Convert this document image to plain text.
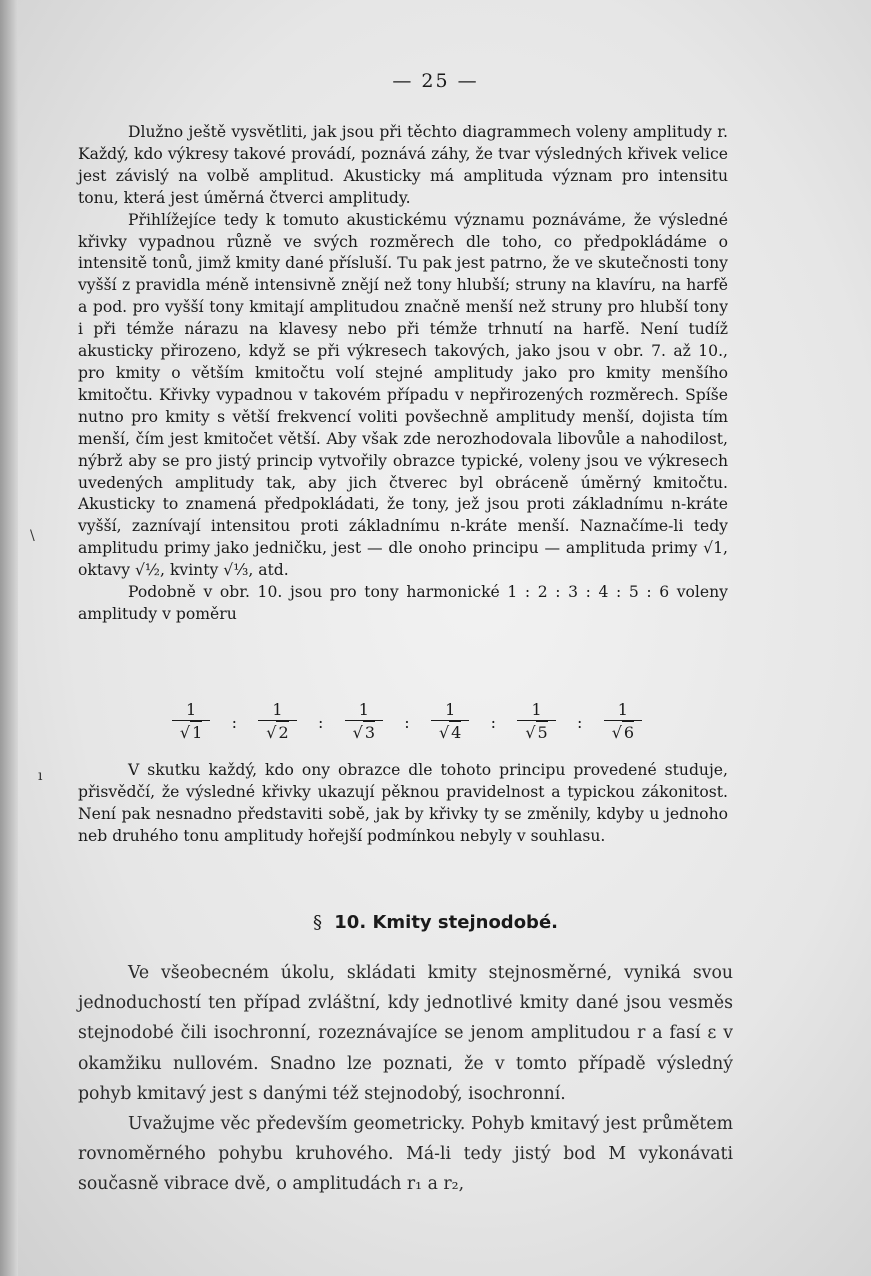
— 25 —

Dlužno ještě vysvětliti, jak jsou při těchto diagrammech voleny amplitudy r. Každý, kdo výkresy takové provádí, poznává záhy, že tvar výsledných křivek velice jest závislý na volbě amplitud. Akusticky má amplituda význam pro intensitu tonu, která jest úměrná čtverci amplitudy.

Přihlížejíce tedy k tomuto akustickému významu poznáváme, že výsledné křivky vypadnou různě ve svých rozměrech dle toho, co předpokládáme o intensitě tonů, jimž kmity dané přísluší. Tu pak jest patrno, že ve skutečnosti tony vyšší z pravidla méně intensivně znějí než tony hlubší; struny na klavíru, na harfě a pod. pro vyšší tony kmitají amplitudou značně menší než struny pro hlubší tony i při témže nárazu na klavesy nebo při témže trhnutí na harfě. Není tudíž akusticky přirozeno, když se při výkresech takových, jako jsou v obr. 7. až 10., pro kmity o větším kmitočtu volí stejné amplitudy jako pro kmity menšího kmitočtu. Křivky vypadnou v takovém případu v nepřirozených rozměrech. Spíše nutno pro kmity s větší frekvencí voliti povšechně amplitudy menší, dojista tím menší, čím jest kmitočet větší. Aby však zde nerozhodovala libovůle a nahodilost, nýbrž aby se pro jistý princip vytvořily obrazce typické, voleny jsou ve výkresech uvedených amplitudy tak, aby jich čtverec byl obráceně úměrný kmitočtu. Akusticky to znamená předpokládati, že tony, jež jsou proti základnímu n-kráte vyšší, zaznívají intensitou proti základnímu n-kráte menší. Naznačíme-li tedy amplitudu primy jako jedničku, jest — dle onoho principu — amplituda primy √1, oktavy √½, kvinty √⅓, atd.

Podobně v obr. 10. jsou pro tony harmonické 1 : 2 : 3 : 4 : 5 : 6 voleny amplitudy v poměru

$\frac{1}{√ 1}$ : $\frac{1}{√ 2}$ : $\frac{1}{√ 3}$ : $\frac{1}{√ 4}$ : $\frac{1}{√ 5}$ : $\frac{1}{√ 6}$

V skutku každý, kdo ony obrazce dle tohoto principu provedené studuje, přisvědčí, že výsledné křivky ukazují pěknou pravidelnost a typickou zákonitost. Není pak nesnadno představiti sobě, jak by křivky ty se změnily, kdyby u jednoho neb druhého tonu amplitudy hořejší podmínkou nebyly v souhlasu.

§ 10. Kmity stejnodobé.

Ve všeobecném úkolu, skládati kmity stejnosměrné, vyniká svou jednoduchostí ten případ zvláštní, kdy jednotlivé kmity dané jsou vesměs stejnodobé čili isochronní, rozeznávajíce se jenom amplitudou r a fasí ε v okamžiku nullovém. Snadno lze poznati, že v tomto případě výsledný pohyb kmitavý jest s danými též stejnodobý, isochronní.

Uvažujme věc především geometricky. Pohyb kmitavý jest průmětem rovnoměrného pohybu kruhového. Má-li tedy jistý bod M vykonávati současně vibrace dvě, o amplitudách r₁ a r₂,

\
ı
